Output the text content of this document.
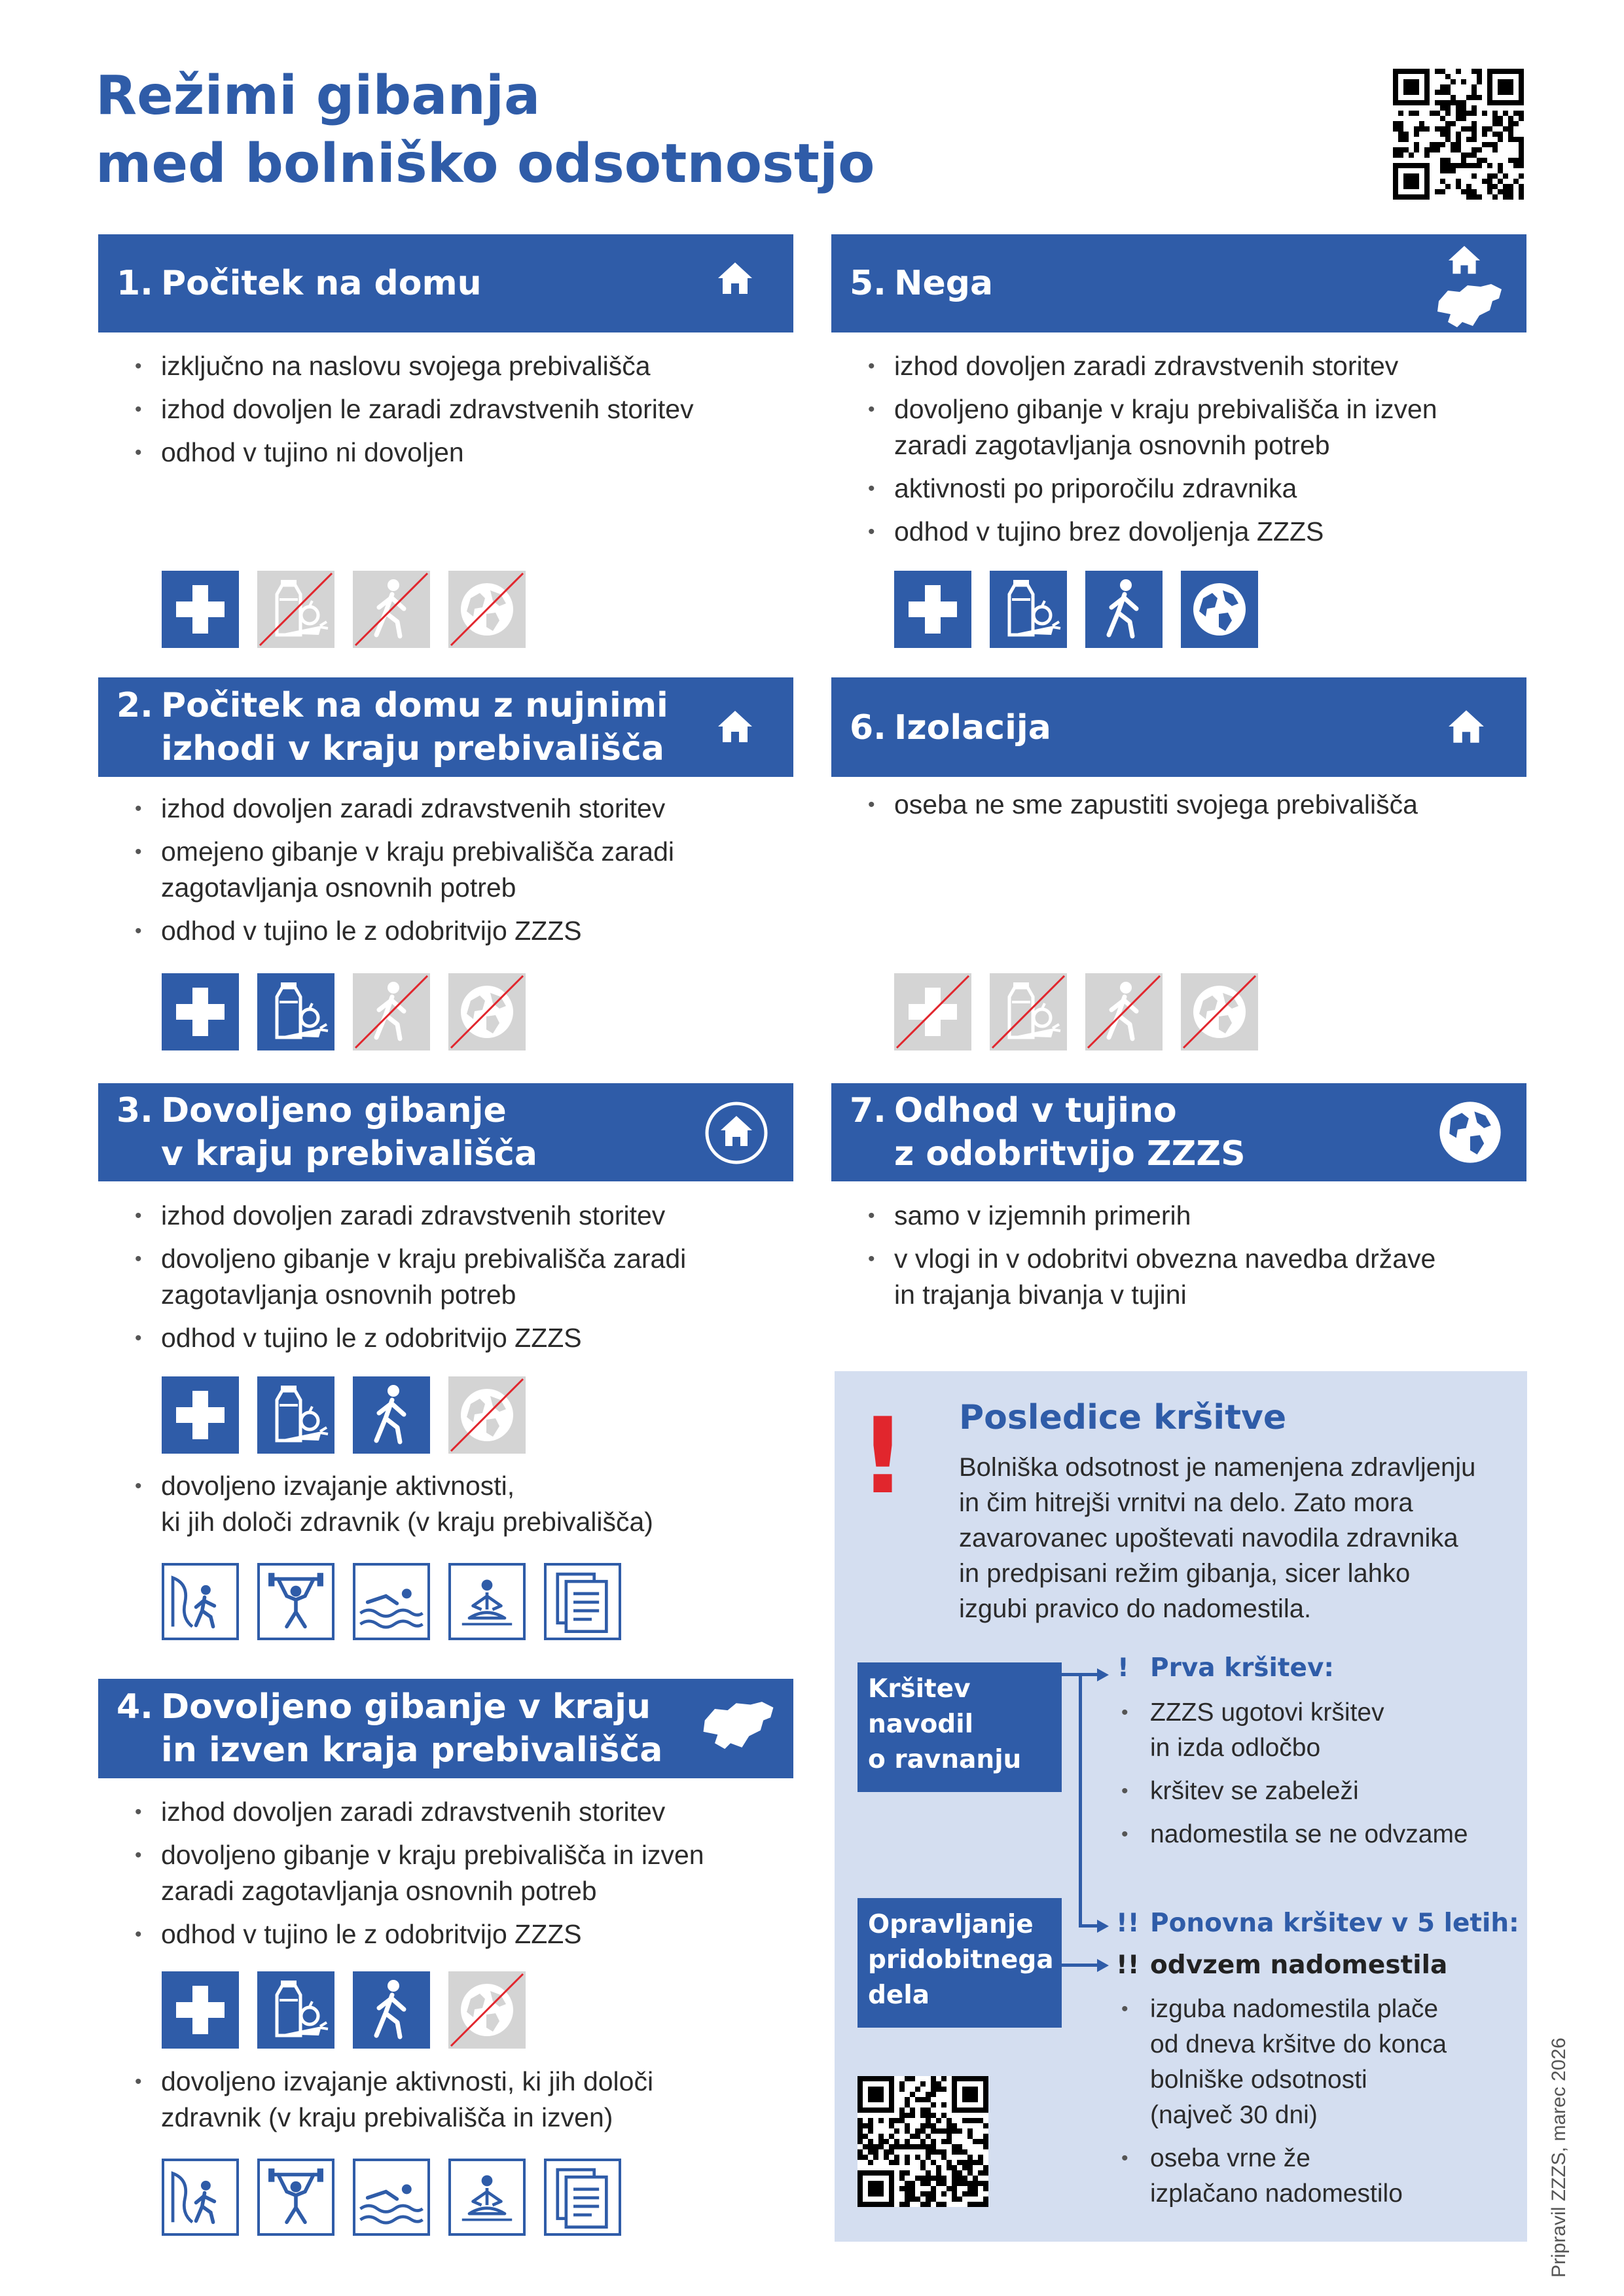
Režimi gibanja
med bolniško odsotnostjo
1. Počitek na domu	5. Nega
2. Počitek na domu z nujnimi
izhodi v kraju prebivališča
6. Izolacija
3. Dovoljeno gibanje
v kraju prebivališča
7. Odhod v tujino
z odobritvijo ZZZS
4. Dovoljeno gibanje v kraju
in izven kraja prebivališča
• izključno na naslovu svojega prebivališča
• izhod dovoljen le zaradi zdravstvenih storitev
• odhod v tujino ni dovoljen
• izhod dovoljen zaradi zdravstvenih storitev
• dovoljeno gibanje v kraju prebivališča in izven
zaradi zagotavljanja osnovnih potreb
• aktivnosti po priporočilu zdravnika
• odhod v tujino brez dovoljenja ZZZS
• izhod dovoljen zaradi zdravstvenih storitev
• omejeno gibanje v kraju prebivališča zaradi
zagotavljanja osnovnih potreb
• odhod v tujino le z odobritvijo ZZZS
• oseba ne sme zapustiti svojega prebivališča
• izhod dovoljen zaradi zdravstvenih storitev
• dovoljeno gibanje v kraju prebivališča zaradi
zagotavljanja osnovnih potreb
• odhod v tujino le z odobritvijo ZZZS
• dovoljeno izvajanje aktivnosti,
ki jih določi zdravnik (v kraju prebivališča)
• samo v izjemnih primerih
• v vlogi in v odobritvi obvezna navedba države
in trajanja bivanja v tujini
• izhod dovoljen zaradi zdravstvenih storitev
• dovoljeno gibanje v kraju prebivališča in izven
zaradi zagotavljanja osnovnih potreb
• odhod v tujino le z odobritvijo ZZZS
• dovoljeno izvajanje aktivnosti, ki jih določi
zdravnik (v kraju prebivališča in izven)
! Posledice kršitve
Bolniška odsotnost je namenjena zdravljenju
in čim hitrejši vrnitvi na delo. Zato mora
zavarovanec upoštevati navodila zdravnika
in predpisani režim gibanja, sicer lahko
izgubi pravico do nadomestila.
Kršitev
navodil
o ravnanju
Opravljanje
pridobitnega
dela
! Prva kršitev:
• ZZZS ugotovi kršitev
in izda odločbo
• kršitev se zabeleži
• nadomestila se ne odvzame
!! Ponovna kršitev v 5 letih:
!! odvzem nadomestila
• izguba nadomestila plače
od dneva kršitve do konca
bolniške odsotnosti
(največ 30 dni)
• oseba vrne že
izplačano nadomestilo	Pripravil ZZZS, marec 2026
